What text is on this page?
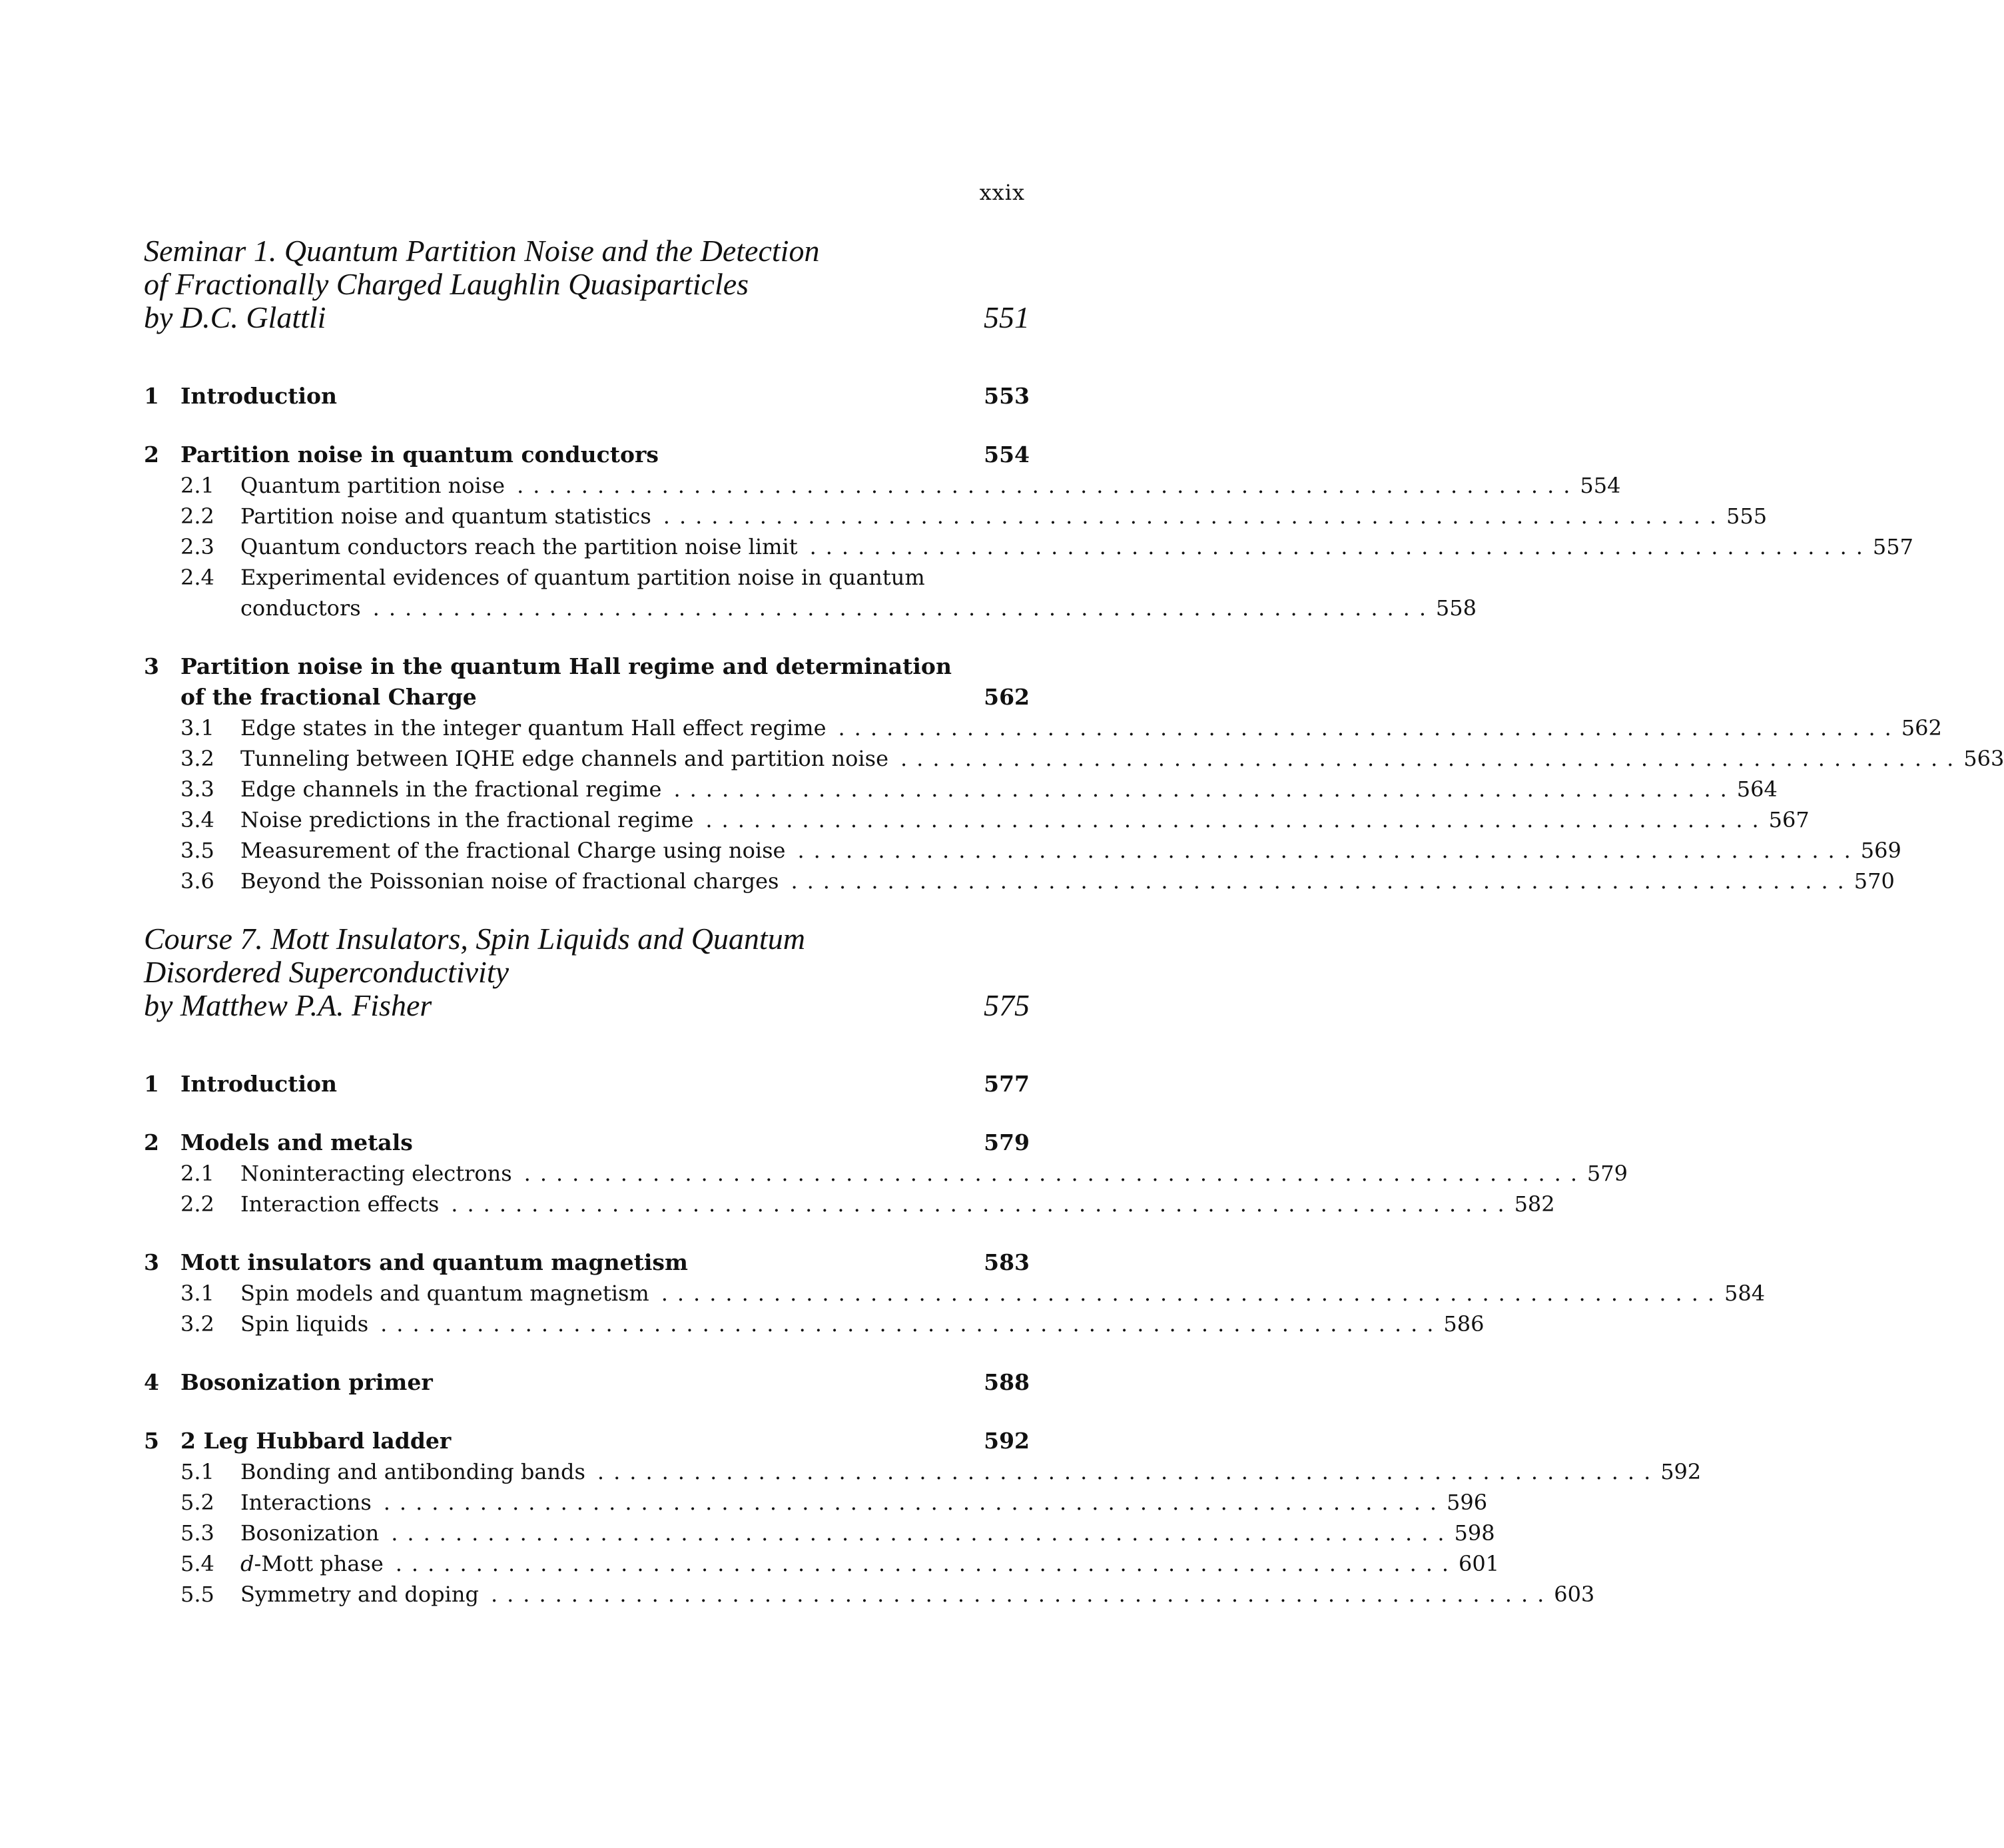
xxix
Seminar 1. Quantum Partition Noise and the Detection
of Fractionally Charged Laughlin Quasiparticles
by D.C. Glattli	551
1 Introduction	553
2 Partition noise in quantum conductors	554
2.1	Quantum partition noise .................................................................. 554
2.2	Partition noise and quantum statistics .................................................................. 555
2.3	Quantum conductors reach the partition noise limit .................................................................. 557
2.4	Experimental evidences of quantum partition noise in quantum
conductors .................................................................. 558
3 Partition noise in the quantum Hall regime and determination
of the fractional Charge	562
3.1	Edge states in the integer quantum Hall effect regime .................................................................. 562
3.2	Tunneling between IQHE edge channels and partition noise .................................................................. 563
3.3	Edge channels in the fractional regime .................................................................. 564
3.4	Noise predictions in the fractional regime .................................................................. 567
3.5	Measurement of the fractional Charge using noise .................................................................. 569
3.6	Beyond the Poissonian noise of fractional charges .................................................................. 570
Course 7. Mott Insulators, Spin Liquids and Quantum
Disordered Superconductivity
by Matthew P.A. Fisher	575
1 Introduction	577
2 Models and metals	579
2.1	Noninteracting electrons .................................................................. 579
2.2	Interaction effects .................................................................. 582
3 Mott insulators and quantum magnetism	583
3.1	Spin models and quantum magnetism .................................................................. 584
3.2	Spin liquids .................................................................. 586
4 Bosonization primer	588
5 2 Leg Hubbard ladder	592
5.1	Bonding and antibonding bands .................................................................. 592
5.2	Interactions .................................................................. 596
5.3	Bosonization .................................................................. 598
5.4	d-Mott phase .................................................................. 601
5.5	Symmetry and doping .................................................................. 603
